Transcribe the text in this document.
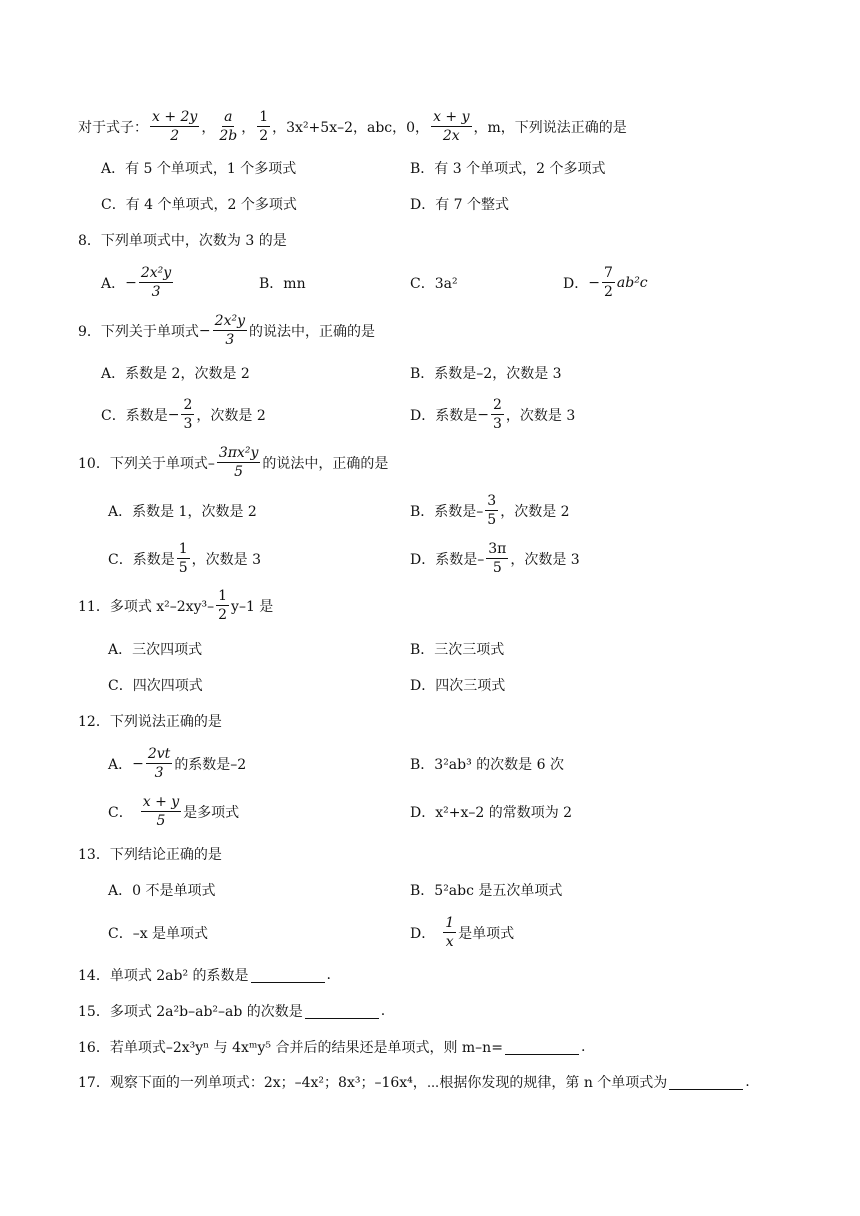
对于式子： $\frac{x + 2y}{2}$ ， $\frac{a}{2b}$ ， $\frac{1}{2}$ ， 3x²+5x–2，abc，0， $\frac{x + y}{2x}$ ，m，下列说法正确的是
A．有 5 个单项式，1 个多项式	B．有 3 个单项式，2 个多项式
C．有 4 个单项式，2 个多项式	D．有 7 个整式
8．下列单项式中，次数为 3 的是
A． − $\frac{\text{2x²y}}{3}$	B．mn	C．3a²	D． − $\frac{7}{2} ab^2c$
9．下列关于单项式 − $\frac{\text{2x²y}}{3}$ 的说法中，正确的是
A．系数是 2，次数是 2	B．系数是–2，次数是 3
C．系数是 − $\frac{2}{3}$ ，次数是 2	D．系数是 − $\frac{2}{3}$ ，次数是 3
10．下列关于单项式– $\frac{\text{3πx²y}}{5}$ 的说法中，正确的是
A．系数是 1，次数是 2	B．系数是– $\frac{3}{5}$ ，次数是 2
C．系数是 $\frac{1}{5}$ ，次数是 3	D．系数是– $\frac{3\pi}{5}$ ，次数是 3
11．多项式 $x^2-2xy^3- \frac{1}{2} y-1$ 是
A．三次四项式	B．三次三项式
C．四次四项式	D．四次三项式
12．下列说法正确的是
A． − $\frac{2vt}{3}$ 的系数是–2	B．3²ab³ 的次数是 6 次
C． $\frac{x + y}{5}$ 是多项式	D．x²+x–2 的常数项为 2
13．下列结论正确的是
A．0 不是单项式	B．5²abc 是五次单项式
C．–x 是单项式	D． $\frac{1}{x}$ 是单项式
14．单项式 2ab² 的系数是	.
15．多项式 2a²b–ab²–ab 的次数是	.
16．若单项式–2x³yⁿ 与 4xᵐy⁵ 合并后的结果还是单项式，则 m–n=	.
17．观察下面的一列单项式：2x；–4x²；8x³；–16x⁴，⋯根据你发现的规律，第 n 个单项式为	.
